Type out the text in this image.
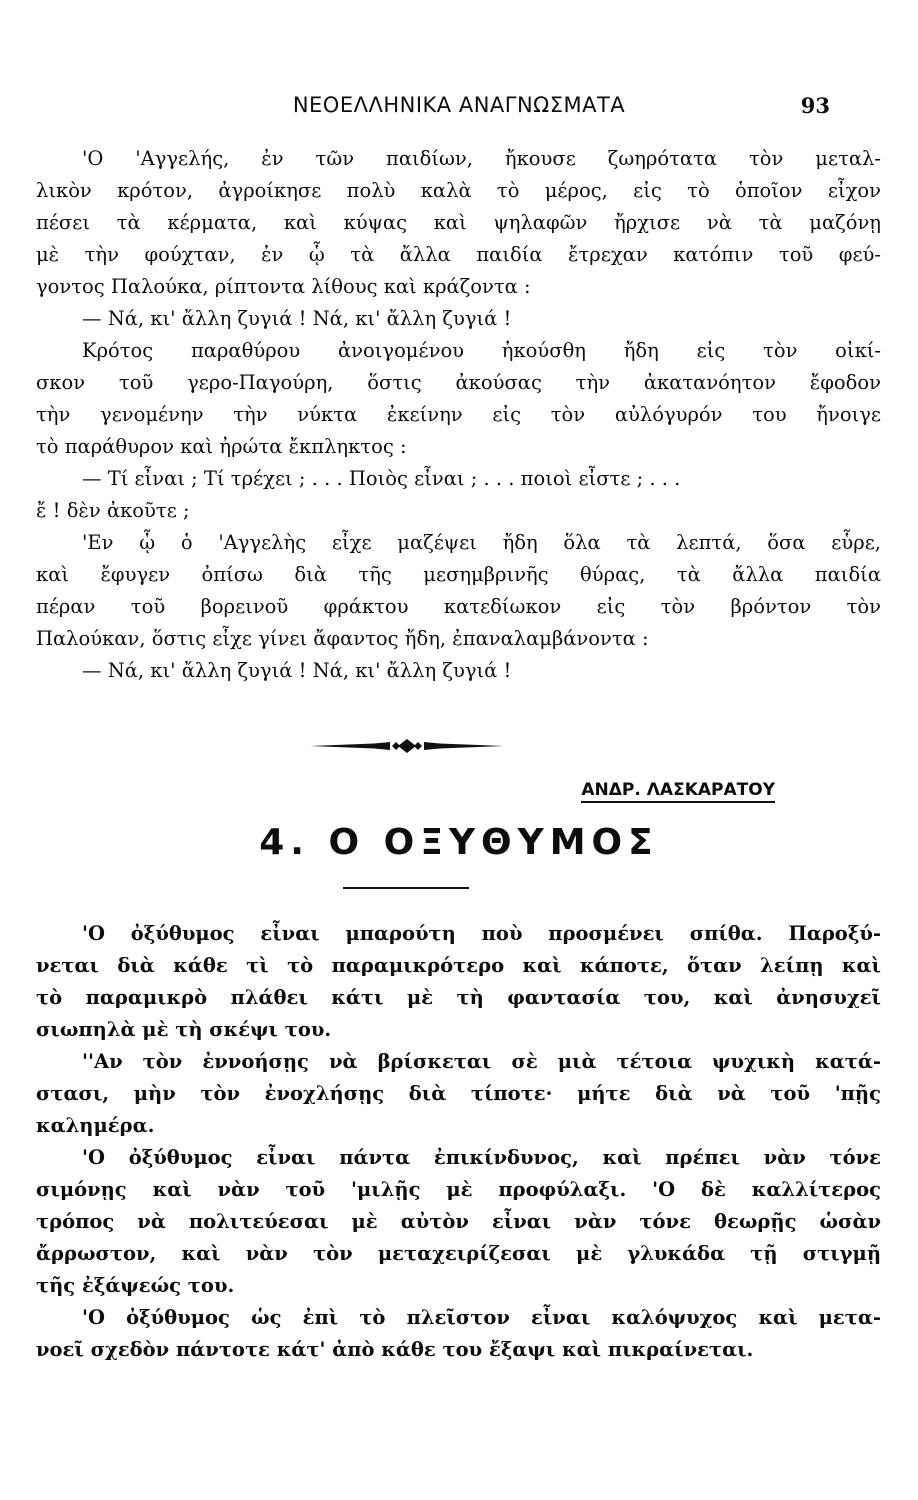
ΝΕΟΕΛΛΗΝΙΚΑ ΑΝΑΓΝΩΣΜΑΤΑ	93
'Ο 'Αγγελής, ἐν τῶν παιδίων, ἤκουσε ζωηρότατα τὸν μεταλ-
λικὸν κρότον, ἀγροίκησε πολὺ καλὰ τὸ μέρος, εἰς τὸ ὁποῖον εἶχον
πέσει τὰ κέρματα, καὶ κύψας καὶ ψηλαφῶν ἤρχισε νὰ τὰ μαζόνῃ
μὲ τὴν φούχταν, ἐν ᾧ τὰ ἄλλα παιδία ἔτρεχαν κατόπιν τοῦ φεύ-
γοντος Παλούκα, ρίπτοντα λίθους καὶ κράζοντα :
— Νά, κι' ἄλλη ζυγιά ! Νά, κι' ἄλλη ζυγιά !
Κρότος παραθύρου ἀνοιγομένου ἠκούσθη ἤδη εἰς τὸν οἰκί-
σκον τοῦ γερο-Παγούρη, ὅστις ἀκούσας τὴν ἀκατανόητον ἔφοδον
τὴν γενομένην τὴν νύκτα ἐκείνην εἰς τὸν αὐλόγυρόν του ἤνοιγε
τὸ παράθυρον καὶ ἠρώτα ἔκπληκτος :
— Τί εἶναι ; Τί τρέχει ; . . . Ποιὸς εἶναι ; . . . ποιοὶ εἶστε ; . . .
ἔ ! δὲν ἀκοῦτε ;
'Εν ᾧ ὁ 'Αγγελὴς εἶχε μαζέψει ἤδη ὅλα τὰ λεπτά, ὅσα εὗρε,
καὶ ἔφυγεν ὀπίσω διὰ τῆς μεσημβρινῆς θύρας, τὰ ἄλλα παιδία
πέραν τοῦ βορεινοῦ φράκτου κατεδίωκον εἰς τὸν βρόντον τὸν
Παλούκαν, ὅστις εἶχε γίνει ἄφαντος ἤδη, ἐπαναλαμβάνοντα :
— Νά, κι' ἄλλη ζυγιά ! Νά, κι' ἄλλη ζυγιά !
ΑΝΔΡ. ΛΑΣΚΑΡΑΤΟΥ
4. Ο ΟΞΥΘΥΜΟΣ
'Ο ὀξύθυμος εἶναι μπαρούτη ποὺ προσμένει σπίθα. Παροξύ-
νεται διὰ κάθε τὶ τὸ παραμικρότερο καὶ κάποτε, ὅταν λείπῃ καὶ
τὸ παραμικρὸ πλάθει κάτι μὲ τὴ φαντασία του, καὶ ἀνησυχεῖ
σιωπηλὰ μὲ τὴ σκέψι του.
''Αν τὸν ἐννοήσῃς νὰ βρίσκεται σὲ μιὰ τέτοια ψυχικὴ κατά-
στασι, μὴν τὸν ἐνοχλήσῃς διὰ τίποτε· μήτε διὰ νὰ τοῦ 'πῇς
καλημέρα.
'Ο ὀξύθυμος εἶναι πάντα ἐπικίνδυνος, καὶ πρέπει νὰν τόνε
σιμόνῃς καὶ νὰν τοῦ 'μιλῇς μὲ προφύλαξι. 'Ο δὲ καλλίτερος
τρόπος νὰ πολιτεύεσαι μὲ αὐτὸν εἶναι νὰν τόνε θεωρῇς ὡσὰν
ἄρρωστον, καὶ νὰν τὸν μεταχειρίζεσαι μὲ γλυκάδα τῇ στιγμῇ
τῆς ἐξάψεώς του.
'Ο ὀξύθυμος ὡς ἐπὶ τὸ πλεῖστον εἶναι καλόψυχος καὶ μετα-
νοεῖ σχεδὸν πάντοτε κάτ' ἀπὸ κάθε του ἔξαψι καὶ πικραίνεται.
